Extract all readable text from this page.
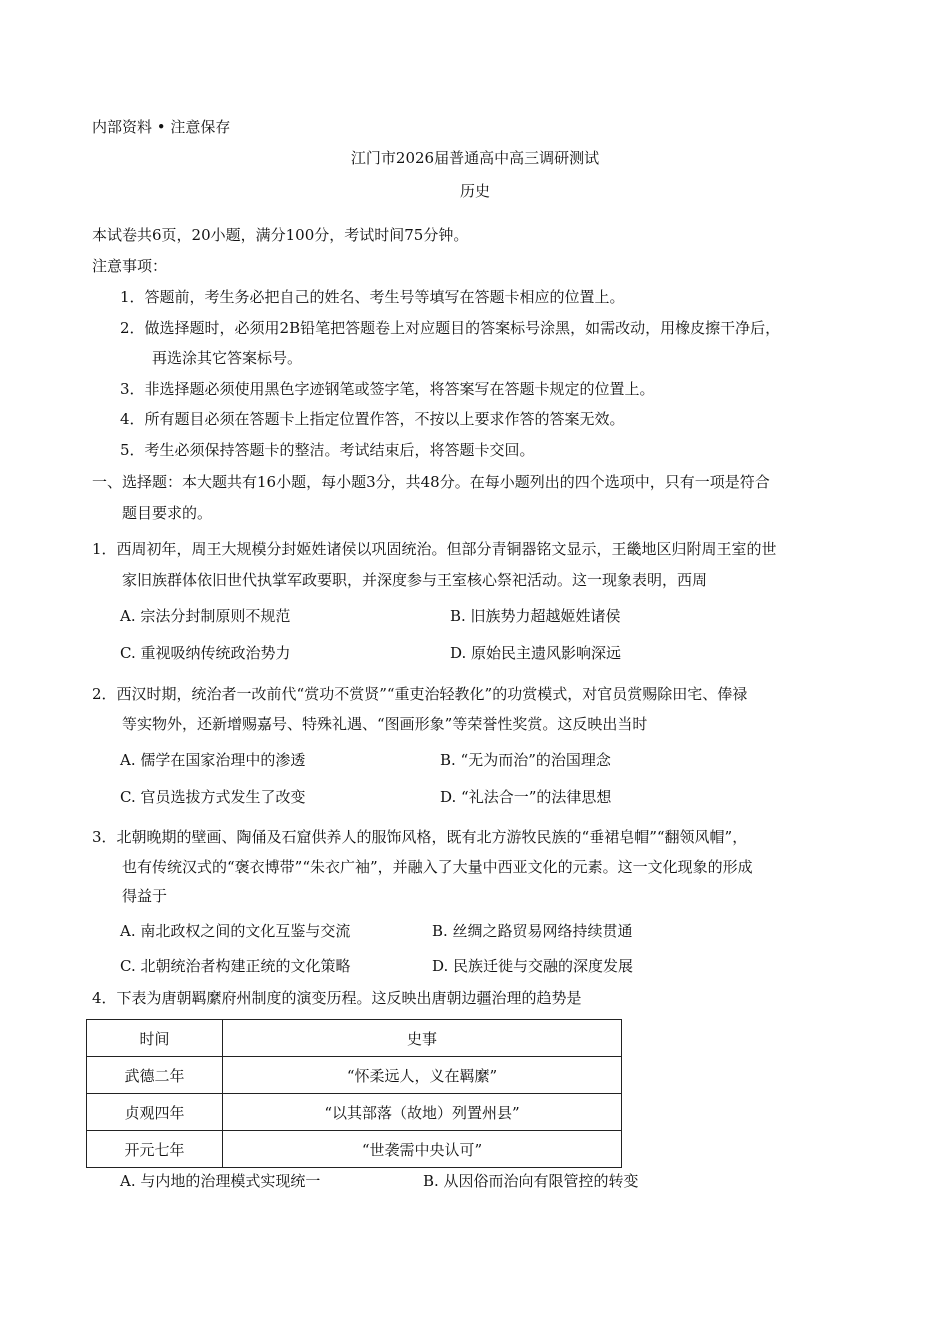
内部资料 • 注意保存
江门市2026届普通高中高三调研测试
历史
本试卷共6页，20小题，满分100分，考试时间75分钟。
注意事项：
1．答题前，考生务必把自己的姓名、考生号等填写在答题卡相应的位置上。
2．做选择题时，必须用2B铅笔把答题卷上对应题目的答案标号涂黑，如需改动，用橡皮擦干净后，
再选涂其它答案标号。
3．非选择题必须使用黑色字迹钢笔或签字笔，将答案写在答题卡规定的位置上。
4．所有题目必须在答题卡上指定位置作答，不按以上要求作答的答案无效。
5．考生必须保持答题卡的整洁。考试结束后，将答题卡交回。
一、选择题：本大题共有16小题，每小题3分，共48分。在每小题列出的四个选项中，只有一项是符合
题目要求的。
1．西周初年，周王大规模分封姬姓诸侯以巩固统治。但部分青铜器铭文显示，王畿地区归附周王室的世
家旧族群体依旧世代执掌军政要职，并深度参与王室核心祭祀活动。这一现象表明，西周
A. 宗法分封制原则不规范	B. 旧族势力超越姬姓诸侯
C. 重视吸纳传统政治势力	D. 原始民主遗风影响深远
2．西汉时期，统治者一改前代“赏功不赏贤”“重吏治轻教化”的功赏模式，对官员赏赐除田宅、俸禄
等实物外，还新增赐嘉号、特殊礼遇、“图画形象”等荣誉性奖赏。这反映出当时
A. 儒学在国家治理中的渗透	B. “无为而治”的治国理念
C. 官员选拔方式发生了改变	D. “礼法合一”的法律思想
3．北朝晚期的壁画、陶俑及石窟供养人的服饰风格，既有北方游牧民族的“垂裙皂帽”“翻领风帽”，
也有传统汉式的“褒衣博带”“朱衣广袖”，并融入了大量中西亚文化的元素。这一文化现象的形成
得益于
A. 南北政权之间的文化互鉴与交流	B. 丝绸之路贸易网络持续贯通
C. 北朝统治者构建正统的文化策略	D. 民族迁徙与交融的深度发展
4．下表为唐朝羁縻府州制度的演变历程。这反映出唐朝边疆治理的趋势是
时间	史事
武德二年	“怀柔远人，义在羁縻”
贞观四年	“以其部落（故地）列置州县”
开元七年	“世袭需中央认可”
A. 与内地的治理模式实现统一	B. 从因俗而治向有限管控的转变
